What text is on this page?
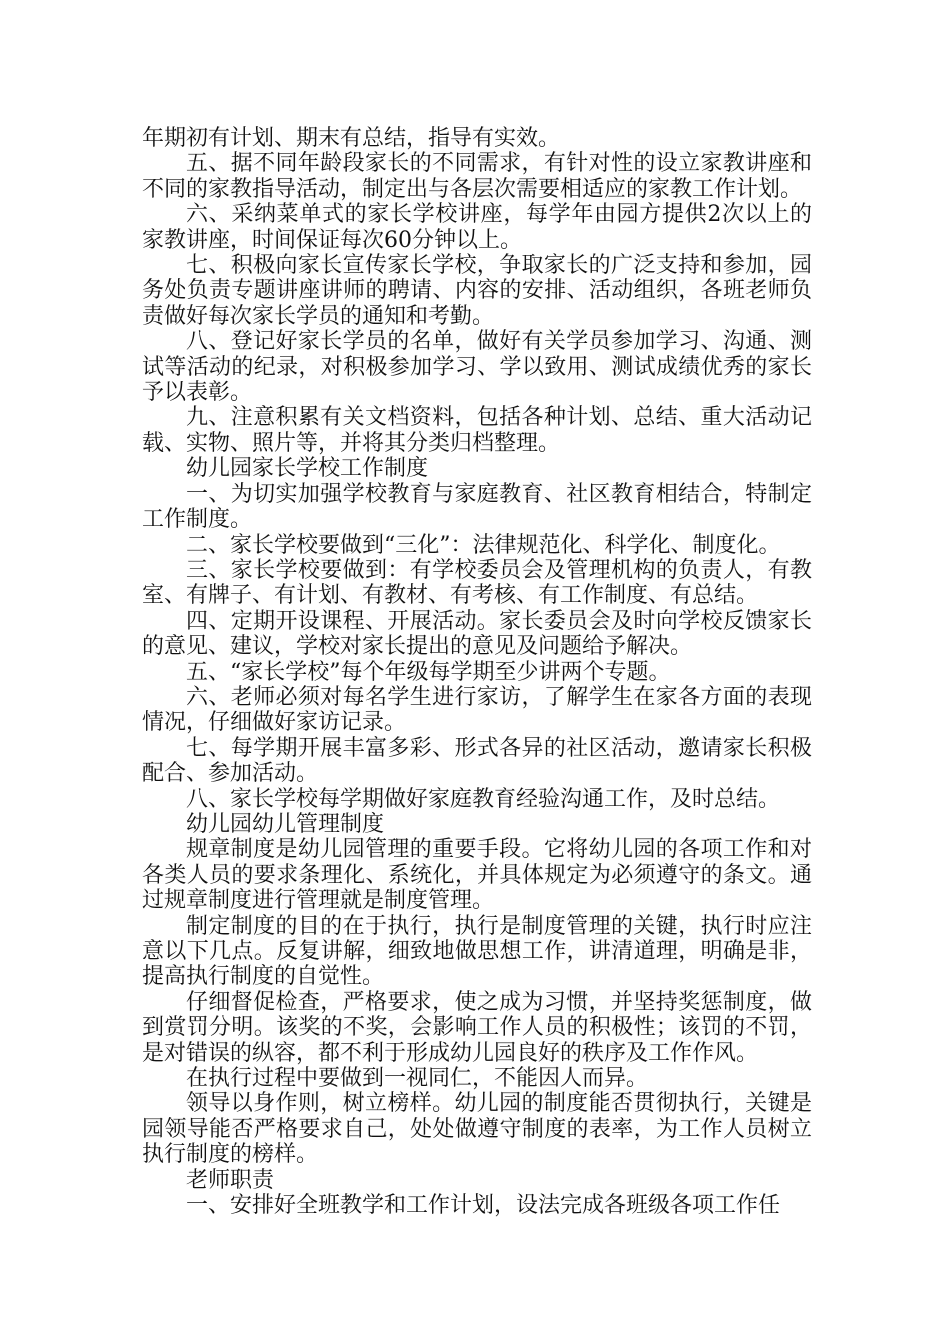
年期初有计划、期末有总结，指导有实效。

五、据不同年龄段家长的不同需求，有针对性的设立家教讲座和不同的家教指导活动，制定出与各层次需要相适应的家教工作计划。

六、采纳菜单式的家长学校讲座，每学年由园方提供2次以上的家教讲座，时间保证每次60分钟以上。

七、积极向家长宣传家长学校，争取家长的广泛支持和参加，园务处负责专题讲座讲师的聘请、内容的安排、活动组织，各班老师负责做好每次家长学员的通知和考勤。

八、登记好家长学员的名单，做好有关学员参加学习、沟通、测试等活动的纪录，对积极参加学习、学以致用、测试成绩优秀的家长予以表彰。

九、注意积累有关文档资料，包括各种计划、总结、重大活动记载、实物、照片等，并将其分类归档整理。

幼儿园家长学校工作制度

一、为切实加强学校教育与家庭教育、社区教育相结合，特制定工作制度。

二、家长学校要做到“三化”：法律规范化、科学化、制度化。

三、家长学校要做到：有学校委员会及管理机构的负责人，有教室、有牌子、有计划、有教材、有考核、有工作制度、有总结。

四、定期开设课程、开展活动。家长委员会及时向学校反馈家长的意见、建议，学校对家长提出的意见及问题给予解决。

五、“家长学校”每个年级每学期至少讲两个专题。

六、老师必须对每名学生进行家访，了解学生在家各方面的表现情况，仔细做好家访记录。

七、每学期开展丰富多彩、形式各异的社区活动，邀请家长积极配合、参加活动。

八、家长学校每学期做好家庭教育经验沟通工作，及时总结。

幼儿园幼儿管理制度

规章制度是幼儿园管理的重要手段。它将幼儿园的各项工作和对各类人员的要求条理化、系统化，并具体规定为必须遵守的条文。通过规章制度进行管理就是制度管理。

制定制度的目的在于执行，执行是制度管理的关键，执行时应注意以下几点。反复讲解，细致地做思想工作，讲清道理，明确是非，提高执行制度的自觉性。

仔细督促检查，严格要求，使之成为习惯，并坚持奖惩制度，做到赏罚分明。该奖的不奖，会影响工作人员的积极性；该罚的不罚，是对错误的纵容，都不利于形成幼儿园良好的秩序及工作作风。

在执行过程中要做到一视同仁，不能因人而异。

领导以身作则，树立榜样。幼儿园的制度能否贯彻执行，关键是园领导能否严格要求自己，处处做遵守制度的表率，为工作人员树立执行制度的榜样。

老师职责

一、安排好全班教学和工作计划，设法完成各班级各项工作任
